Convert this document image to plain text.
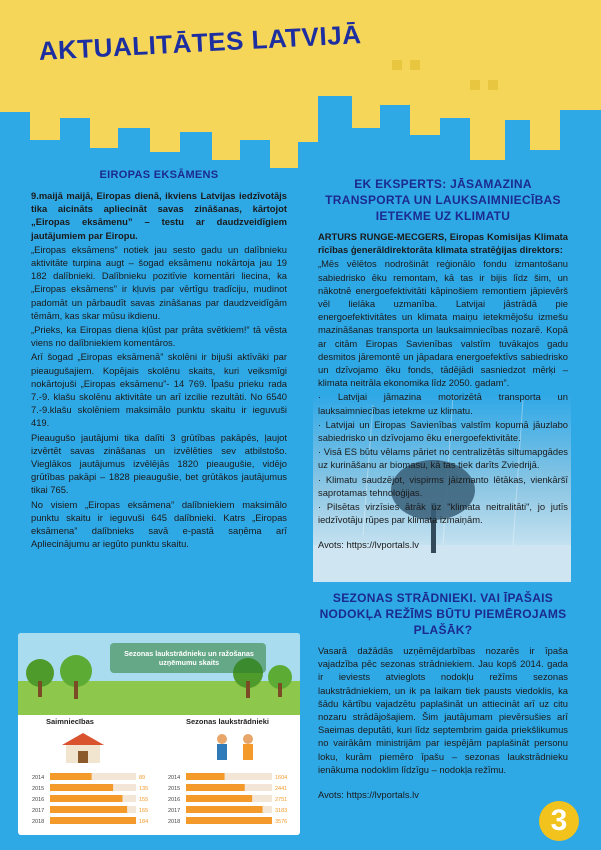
AKTUALITĀTES LATVIJĀ
EIROPAS EKSĀMENS

9.maijā maijā, Eiropas dienā, ikviens Latvijas iedzīvotājs tika aicināts apliecināt savas zināšanas, kārtojot „Eiropas eksāmenu” – testu ar daudzveidīgiem jautājumiem par Eiropu.

„Eiropas eksāmens” notiek jau sesto gadu un dalībnieku aktivitāte turpina augt – šogad eksāmenu nokārtoja jau 19 182 dalībnieki. Dalībnieku pozitīvie komentāri liecina, ka „Eiropas eksāmens” ir kļuvis par vērtīgu tradīciju, mudinot padomāt un pārbaudīt savas zināšanas par daudzveidīgām tēmām, kas skar mūsu ikdienu.

„Prieks, ka Eiropas diena kļūst par prāta svētkiem!” tā vēsta viens no dalībniekiem komentāros.

Arī šogad „Eiropas eksāmenā” skolēni ir bijuši aktīvāki par pieaugušajiem. Kopējais skolēnu skaits, kuri veiksmīgi nokārtojuši „Eiropas eksāmenu”- 14 769. Īpašu prieku rada 7.-9. klašu skolēnu aktivitāte un arī izcilie rezultāti. No 6540 7.-9.klašu skolēniem maksimālo punktu skaitu ir ieguvuši 419.

Pieaugušo jautājumi tika dalīti 3 grūtības pakāpēs, ļaujot izvērtēt savas zināšanas un izvēlēties sev atbilstošo. Vieglākos jautājumus izvēlējās 1820 pieaugušie, vidējo grūtības pakāpi – 1828 pieaugušie, bet grūtākos jautājumus tikai 765.

No visiem „Eiropas eksāmena” dalībniekiem maksimālo punktu skaitu ir ieguvuši 645 dalībnieki. Katrs „Eiropas eksāmena” dalībnieks savā e-pastā saņēma arī Apliecinājumu ar iegūto punktu skaitu.

EK EKSPERTS: JĀSAMAZINA TRANSPORTA UN LAUKSAIMNIECĪBAS IETEKME UZ KLIMATU

ARTURS RUNGE-MECGERS, Eiropas Komisijas Klimata rīcības ģenerāldirektorāta klimata stratēģijas direktors:

„Mēs vēlētos nodrošināt reģionālo fondu izmantošanu sabiedrisko ēku remontam, kā tas ir bijis līdz šim, un nākotnē energoefektivitāti kāpinošiem remontiem jāpievērš vēl lielāka uzmanība. Latvijai jāstrādā pie energoefektivitātes un klimata maiņu ietekmējošu izmešu mazināšanas transporta un lauksaimniecības nozarē. Kopā ar citām Eiropas Savienības valstīm tuvākajos gadu desmitos jāremontē un jāpadara energoefektīvs sabiedrisko un dzīvojamo ēku fonds, tādējādi sasniedzot mērķi – klimata neitrāla ekonomika līdz 2050. gadam”.

· Latvijai jāmazina motorizētā transporta un lauksaimniecības ietekme uz klimatu.

· Latvijai un Eiropas Savienības valstīm kopumā jāuzlabo sabiedrisko un dzīvojamo ēku energoefektivitāte.

· Visā ES būtu vēlams pāriet no centralizētās siltumapgādes uz kurināšanu ar biomasu, kā tas tiek darīts Zviedrijā.

· Klimatu saudzējot, vispirms jāizmanto lētākas, vienkāršī saprotamas tehnoloģijas.

· Pilsētas virzīsies ātrāk uz "klimata neitralitāti", jo jutīs iedzīvotāju rūpes par klimata izmaiņām.

Avots: https://lvportals.lv

SEZONAS STRĀDNIEKI. VAI ĪPAŠAIS NODOKĻA REŽĪMS BŪTU PIEMĒROJAMS PLAŠĀK?

Vasarā dažādās uzņēmējdarbības nozarēs ir īpaša vajadzība pēc sezonas strādniekiem. Jau kopš 2014. gada ir ieviests atvieglots nodokļu režīms sezonas laukstrādniekiem, un ik pa laikam tiek pausts viedoklis, ka šādu kārtību vajadzētu paplašināt un attiecināt arī uz citu nozaru strādājošajiem. Šim jautājumam pievērsušies arī Saeimas deputāti, kuri līdz septembrim gaida priekšlikumus no vairākām ministrijām par iespējām paplašināt personu loku, kurām piemēro īpašu – sezonas laukstrādnieku ienākuma nodoklim līdzīgu – nodokļa režīmu.

Avots: https://lvportals.lv

Sezonas laukstrādnieku un ražošanas uzņēmumu skaits
Saimniecības	Sezonas laukstrādnieki
2014	89
2015	135
2016	155
2017	165
2018	184
2014	1604
2015	2441
2016	2751
2017	3183
2018	3576	3
